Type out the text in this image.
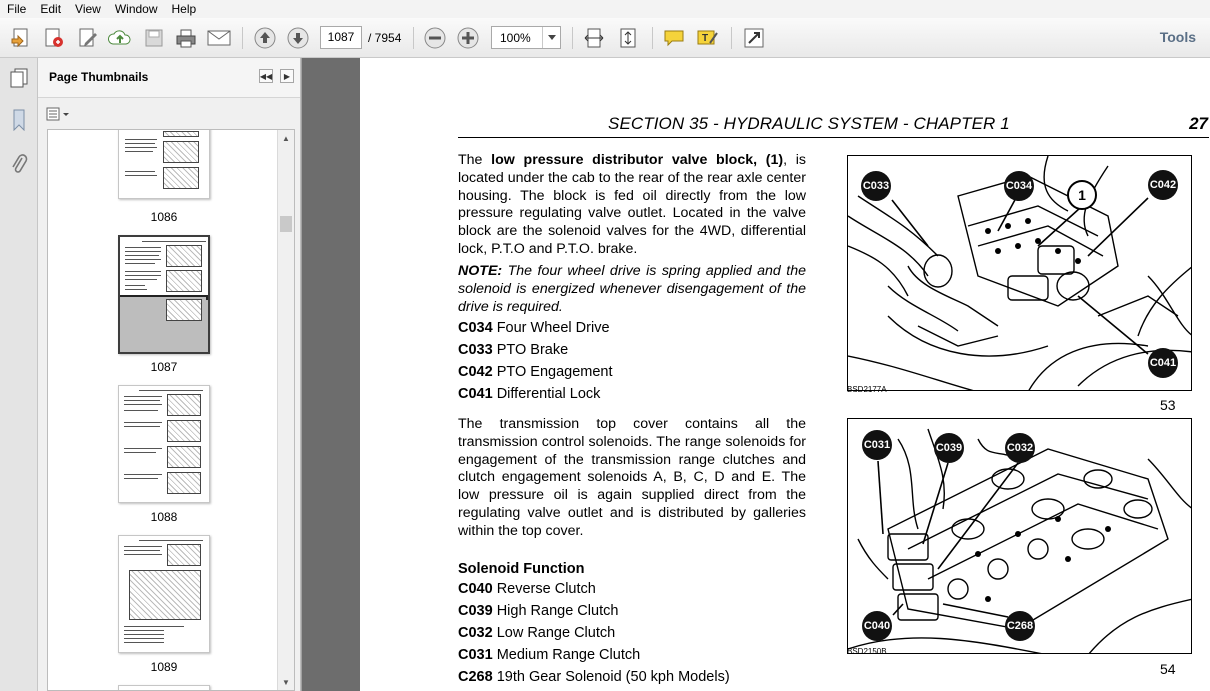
File	Edit	View	Window	Help
1087	/ 7954	100%	T	Tools
Page Thumbnails	◀◀	▶
1086
1087
1088
1089
▲
▼
SECTION 35 - HYDRAULIC SYSTEM - CHAPTER 1	27

The low pressure distributor valve block, (1), is located under the cab to the rear of the rear axle center housing. The block is fed oil directly from the low pressure regulating valve outlet. Located in the valve block are the solenoid valves for the 4WD, differential lock, P.T.O and P.T.O. brake.

NOTE: The four wheel drive is spring applied and the solenoid is energized whenever disengagement of the drive is required.

C034 Four Wheel Drive
C033 PTO Brake
C042 PTO Engagement
C041 Differential Lock

The transmission top cover contains all the transmission control solenoids. The range solenoids for engagement of the transmission range clutches and clutch engagement solenoids A, B, C, D and E. The low pressure oil is again supplied direct from the regulating valve outlet and is distributed by galleries within the top cover.

Solenoid Function
C040 Reverse Clutch
C039 High Range Clutch
C032 Low Range Clutch
C031 Medium Range Clutch
C268 19th Gear Solenoid (50 kph Models)
C033	C034
1
C042
C041
BSD2177A
53
C031	C039	C032
C040	C268
BSD2150B
54
